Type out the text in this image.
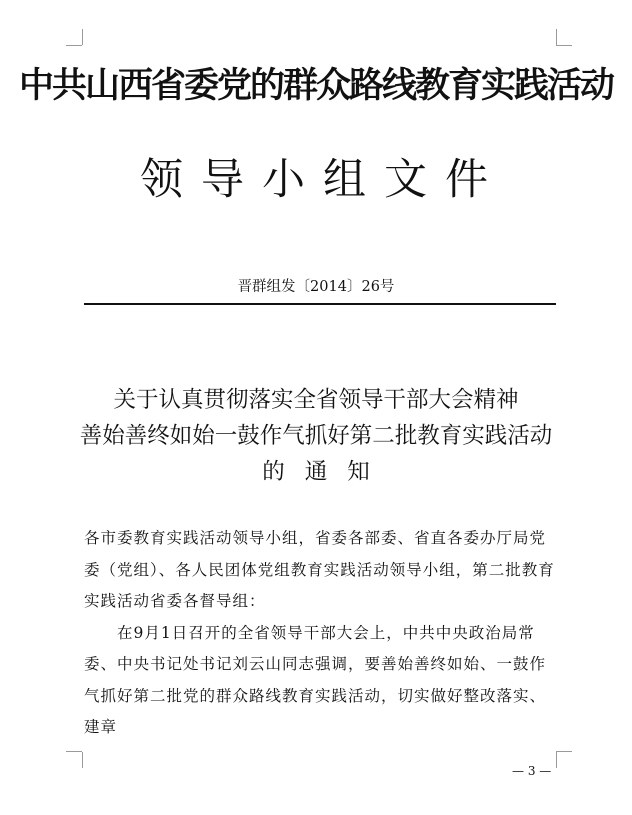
中共山西省委党的群众路线教育实践活动
领导小组文件
晋群组发〔2014〕26号
关于认真贯彻落实全省领导干部大会精神
善始善终如始一鼓作气抓好第二批教育实践活动
的通知

各市委教育实践活动领导小组，省委各部委、省直各委办厅局党委（党组）、各人民团体党组教育实践活动领导小组，第二批教育实践活动省委各督导组：

在9月1日召开的全省领导干部大会上，中共中央政治局常委、中央书记处书记刘云山同志强调，要善始善终如始、一鼓作气抓好第二批党的群众路线教育实践活动，切实做好整改落实、建章

— 3 —
